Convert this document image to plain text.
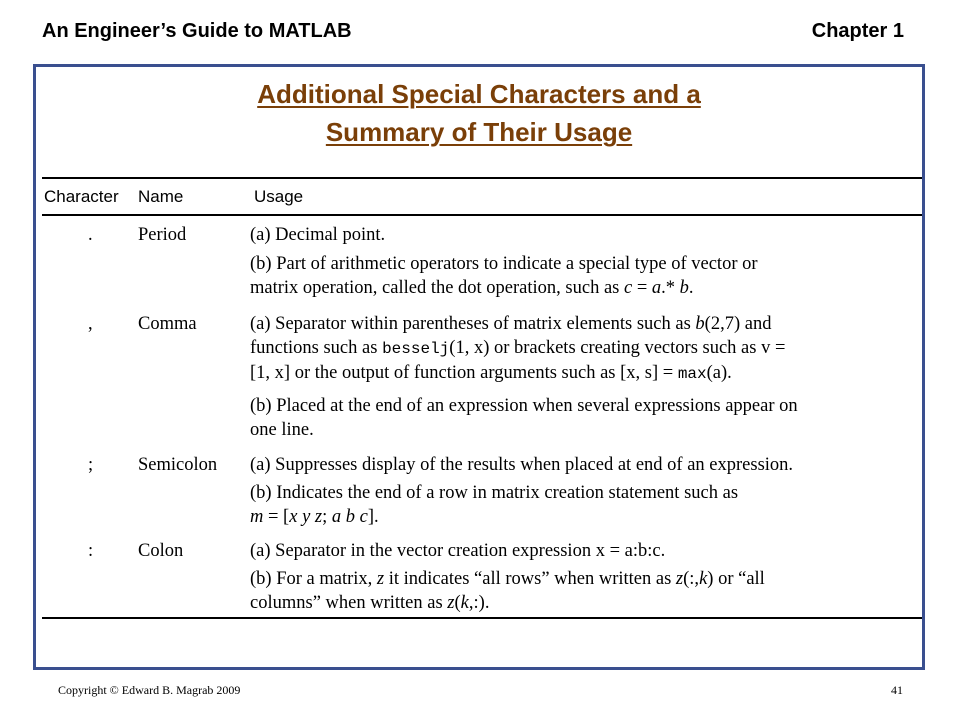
An Engineer’s Guide to MATLAB	Chapter 1
Additional Special Characters and a
Summary of Their Usage
Character Name	Usage
. Period	(a) Decimal point.
(b) Part of arithmetic operators to indicate a special type of vector or
matrix operation, called the dot operation, such as c = a.* b.
, Comma	(a) Separator within parentheses of matrix elements such as b(2,7) and
functions such as besselj(1, x) or brackets creating vectors such as v =
[1, x] or the output of function arguments such as [x, s] = max(a).
(b) Placed at the end of an expression when several expressions appear on
one line.
; Semicolon (a) Suppresses display of the results when placed at end of an expression.
(b) Indicates the end of a row in matrix creation statement such as
m = [x y z; a b c].
: Colon	(a) Separator in the vector creation expression x = a:b:c.
(b) For a matrix, z it indicates “all rows” when written as z(:,k) or “all
columns” when written as z(k,:).
Copyright © Edward B. Magrab 2009	41
